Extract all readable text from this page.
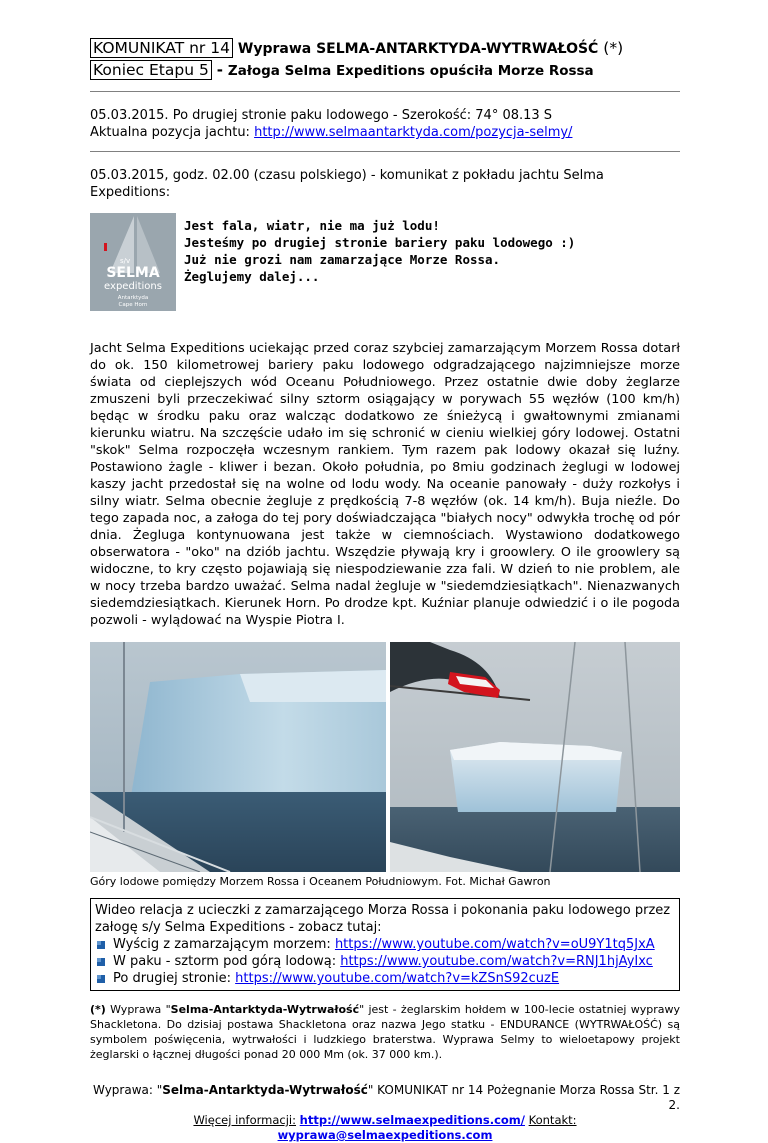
KOMUNIKAT nr 14 Wyprawa SELMA-ANTARKTYDA-WYTRWAŁOŚĆ (*)
Koniec Etapu 5 - Załoga Selma Expeditions opuściła Morze Rossa
05.03.2015. Po drugiej stronie paku lodowego - Szerokość: 74° 08.13 S
Aktualna pozycja jachtu: http://www.selmaantarktyda.com/pozycja-selmy/
05.03.2015, godz. 02.00 (czasu polskiego) - komunikat z pokładu jachtu Selma Expeditions:
s/v
SELMA
expeditions
Antarktyda
Cape Horn
Jest fala, wiatr, nie ma już lodu!
Jesteśmy po drugiej stronie bariery paku lodowego :)
Już nie grozi nam zamarzające Morze Rossa.
Żeglujemy dalej...
Jacht Selma Expeditions uciekając przed coraz szybciej zamarzającym Morzem Rossa dotarł do ok. 150 kilometrowej bariery paku lodowego odgradzającego najzimniejsze morze świata od cieplejszych wód Oceanu Południowego. Przez ostatnie dwie doby żeglarze zmuszeni byli przeczekiwać silny sztorm osiągający w porywach 55 węzłów (100 km/h) będąc w środku paku oraz walcząc dodatkowo ze śnieżycą i gwałtownymi zmianami kierunku wiatru. Na szczęście udało im się schronić w cieniu wielkiej góry lodowej. Ostatni "skok" Selma rozpoczęła wczesnym rankiem. Tym razem pak lodowy okazał się luźny. Postawiono żagle - kliwer i bezan. Około południa, po 8miu godzinach żeglugi w lodowej kaszy jacht przedostał się na wolne od lodu wody. Na oceanie panowały - duży rozkołys i silny wiatr. Selma obecnie żegluje z prędkością 7-8 węzłów (ok. 14 km/h). Buja nieźle. Do tego zapada noc, a załoga do tej pory doświadczająca "białych nocy" odwykła trochę od pór dnia. Żegluga kontynuowana jest także w ciemnościach. Wystawiono dodatkowego obserwatora - "oko" na dziób jachtu. Wszędzie pływają kry i groowlery. O ile groowlery są widoczne, to kry często pojawiają się niespodziewanie zza fali. W dzień to nie problem, ale w nocy trzeba bardzo uważać. Selma nadal żegluje w "siedemdziesiątkach". Nienazwanych siedemdziesiątkach. Kierunek Horn. Po drodze kpt. Kuźniar planuje odwiedzić i o ile pogoda pozwoli - wylądować na Wyspie Piotra I.
Góry lodowe pomiędzy Morzem Rossa i Oceanem Południowym. Fot. Michał Gawron
Wideo relacja z ucieczki z zamarzającego Morza Rossa i pokonania paku lodowego przez załogę s/y Selma Expeditions - zobacz tutaj:
Wyścig z zamarzającym morzem: https://www.youtube.com/watch?v=oU9Y1tq5JxA
W paku - sztorm pod górą lodową: https://www.youtube.com/watch?v=RNJ1hjAyIxc
Po drugiej stronie: https://www.youtube.com/watch?v=kZSnS92cuzE
(*) Wyprawa "Selma-Antarktyda-Wytrwałość" jest - żeglarskim hołdem w 100-lecie ostatniej wyprawy Shackletona. Do dzisiaj postawa Shackletona oraz nazwa Jego statku - ENDURANCE (WYTRWAŁOŚĆ) są symbolem poświęcenia, wytrwałości i ludzkiego braterstwa. Wyprawa Selmy to wieloetapowy projekt żeglarski o łącznej długości ponad 20 000 Mm (ok. 37 000 km.).
Wyprawa: "Selma-Antarktyda-Wytrwałość" KOMUNIKAT nr 14 Pożegnanie Morza Rossa Str. 1 z 2.
Więcej informacji: http://www.selmaexpeditions.com/ Kontakt: wyprawa@selmaexpeditions.com
